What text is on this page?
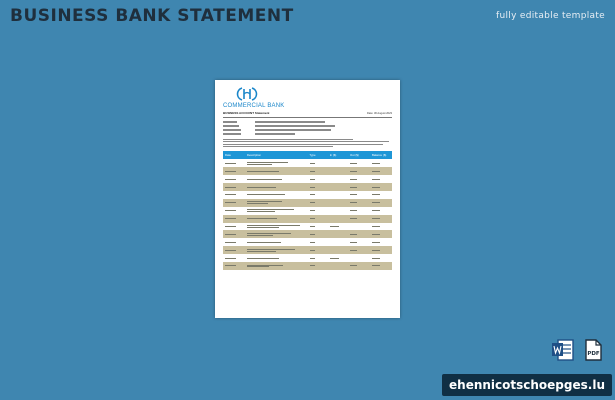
BUSINESS BANK STATEMENT	fully editable template
COMMERCIAL BANK
BUSINESS ACCOUNT Statement	Date: 30 August 2023
Date	Description	Type	In ($)	Out ($)	Balance ($)

PDF
ehennicotschoepges.lu
